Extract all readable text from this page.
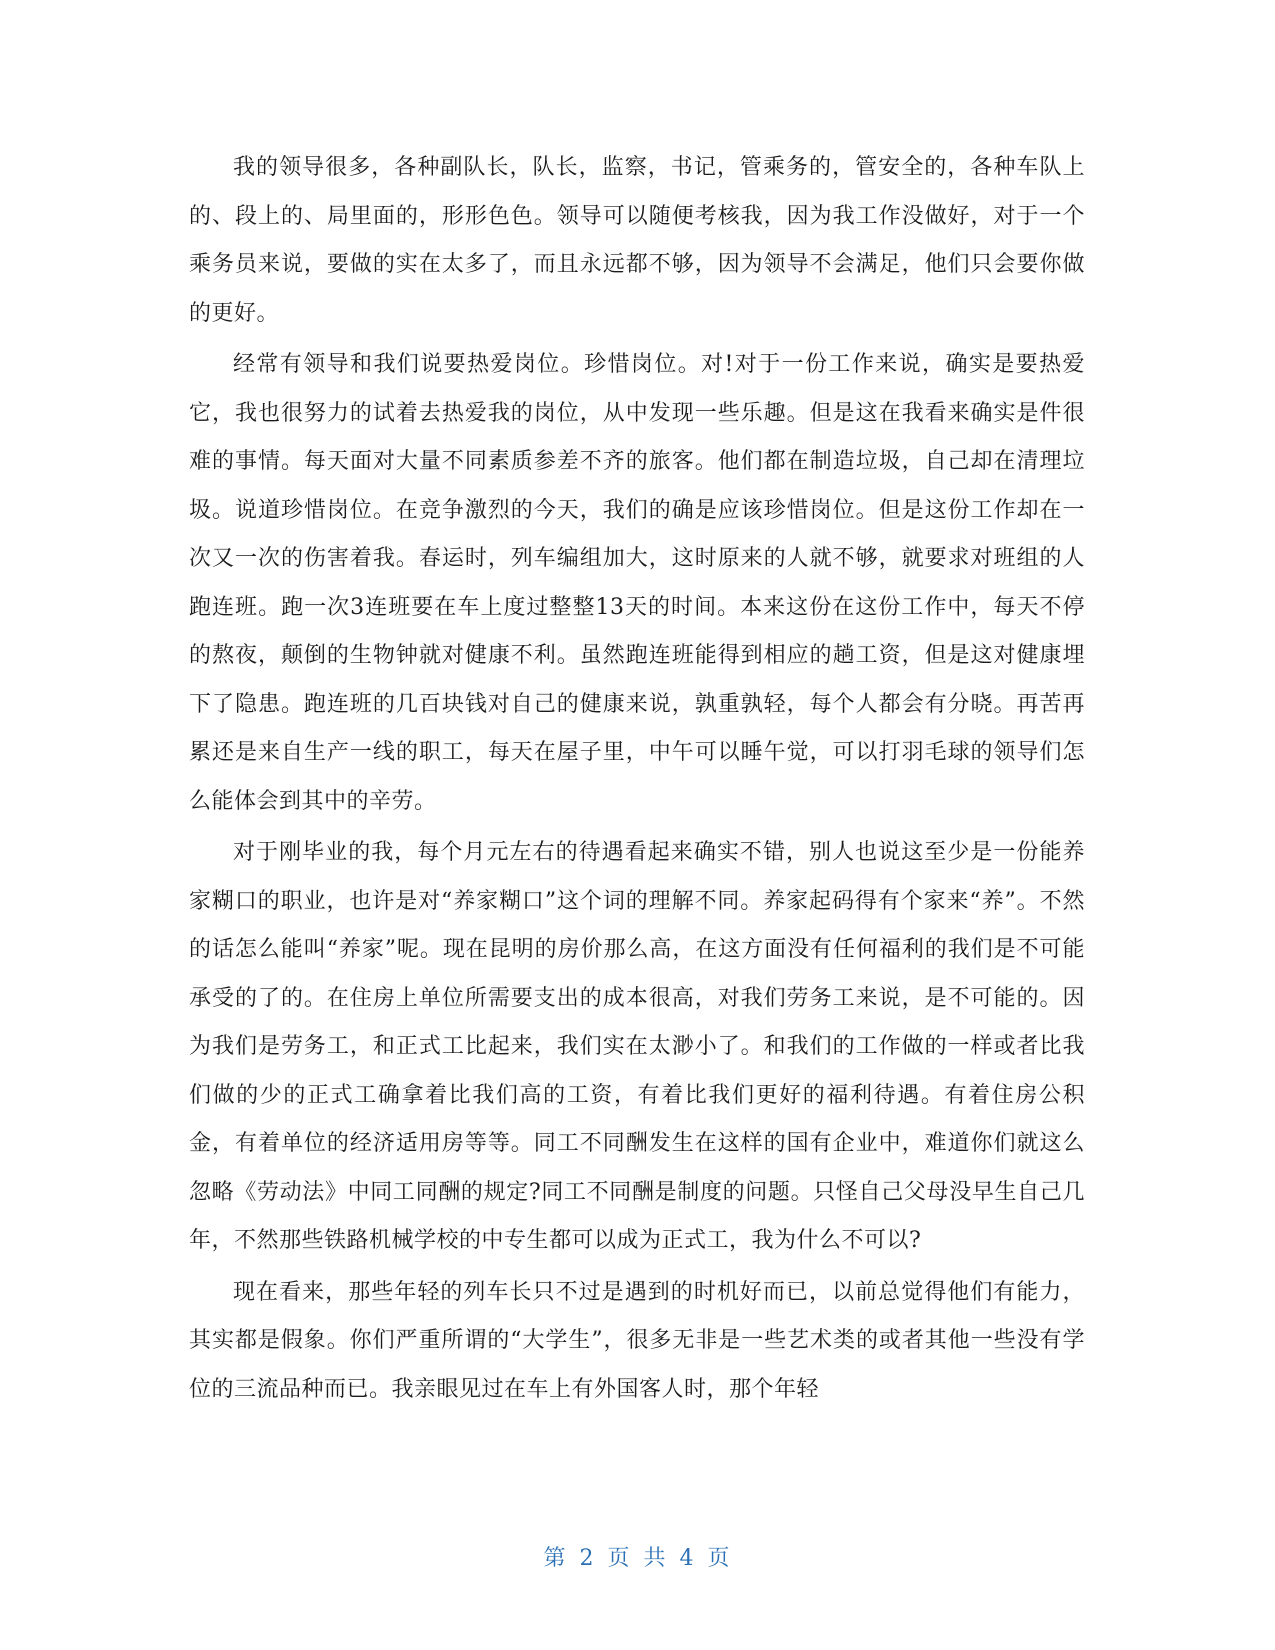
我的领导很多，各种副队长，队长，监察，书记，管乘务的，管安全的，各种车队上的、段上的、局里面的，形形色色。领导可以随便考核我，因为我工作没做好，对于一个乘务员来说，要做的实在太多了，而且永远都不够，因为领导不会满足，他们只会要你做的更好。

经常有领导和我们说要热爱岗位。珍惜岗位。对!对于一份工作来说，确实是要热爱它，我也很努力的试着去热爱我的岗位，从中发现一些乐趣。但是这在我看来确实是件很难的事情。每天面对大量不同素质参差不齐的旅客。他们都在制造垃圾，自己却在清理垃圾。说道珍惜岗位。在竞争激烈的今天，我们的确是应该珍惜岗位。但是这份工作却在一次又一次的伤害着我。春运时，列车编组加大，这时原来的人就不够，就要求对班组的人跑连班。跑一次3连班要在车上度过整整13天的时间。本来这份在这份工作中，每天不停的熬夜，颠倒的生物钟就对健康不利。虽然跑连班能得到相应的趟工资，但是这对健康埋下了隐患。跑连班的几百块钱对自己的健康来说，孰重孰轻，每个人都会有分晓。再苦再累还是来自生产一线的职工，每天在屋子里，中午可以睡午觉，可以打羽毛球的领导们怎么能体会到其中的辛劳。

对于刚毕业的我，每个月元左右的待遇看起来确实不错，别人也说这至少是一份能养家糊口的职业，也许是对“养家糊口”这个词的理解不同。养家起码得有个家来“养”。不然的话怎么能叫“养家”呢。现在昆明的房价那么高，在这方面没有任何福利的我们是不可能承受的了的。在住房上单位所需要支出的成本很高，对我们劳务工来说，是不可能的。因为我们是劳务工，和正式工比起来，我们实在太渺小了。和我们的工作做的一样或者比我们做的少的正式工确拿着比我们高的工资，有着比我们更好的福利待遇。有着住房公积金，有着单位的经济适用房等等。同工不同酬发生在这样的国有企业中，难道你们就这么忽略《劳动法》中同工同酬的规定?同工不同酬是制度的问题。只怪自己父母没早生自己几年，不然那些铁路机械学校的中专生都可以成为正式工，我为什么不可以?

现在看来，那些年轻的列车长只不过是遇到的时机好而已，以前总觉得他们有能力，其实都是假象。你们严重所谓的“大学生”，很多无非是一些艺术类的或者其他一些没有学位的三流品种而已。我亲眼见过在车上有外国客人时，那个年轻

第 2 页 共 4 页
